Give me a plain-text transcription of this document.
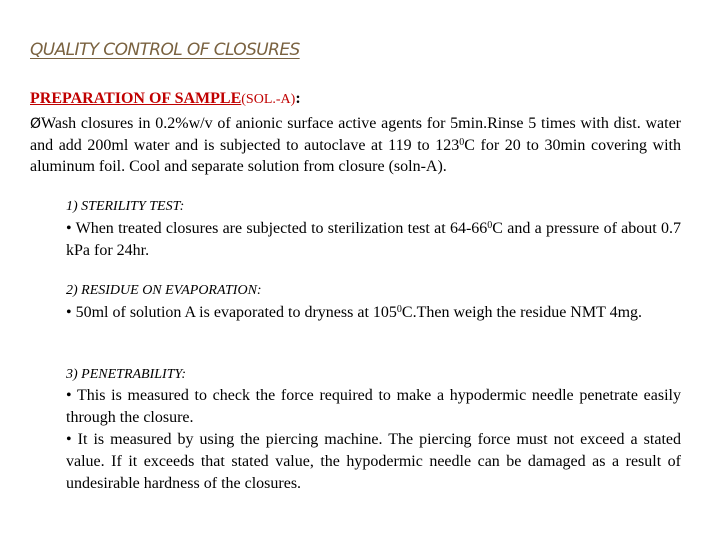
QUALITY CONTROL OF CLOSURES
PREPARATION OF SAMPLE(SOL.-A):
ØWash closures in 0.2%w/v of anionic surface active agents for 5min.Rinse 5 times with dist. water and add 200ml water and is subjected to autoclave at 119 to $123^0C$ for 20 to 30min covering with aluminum foil. Cool and separate solution from closure (soln-A).
1) STERILITY TEST:
• When treated closures are subjected to sterilization test at $64-66^0C$ and a pressure of about 0.7 kPa for 24hr.
2) RESIDUE ON EVAPORATION:
• 50ml of solution A is evaporated to dryness at $105^0C.Then$ weigh the residue NMT 4mg.
3) PENETRABILITY:
• This is measured to check the force required to make a hypodermic needle penetrate easily through the closure.
• It is measured by using the piercing machine. The piercing force must not exceed a stated value. If it exceeds that stated value, the hypodermic needle can be damaged as a result of undesirable hardness of the closures.
